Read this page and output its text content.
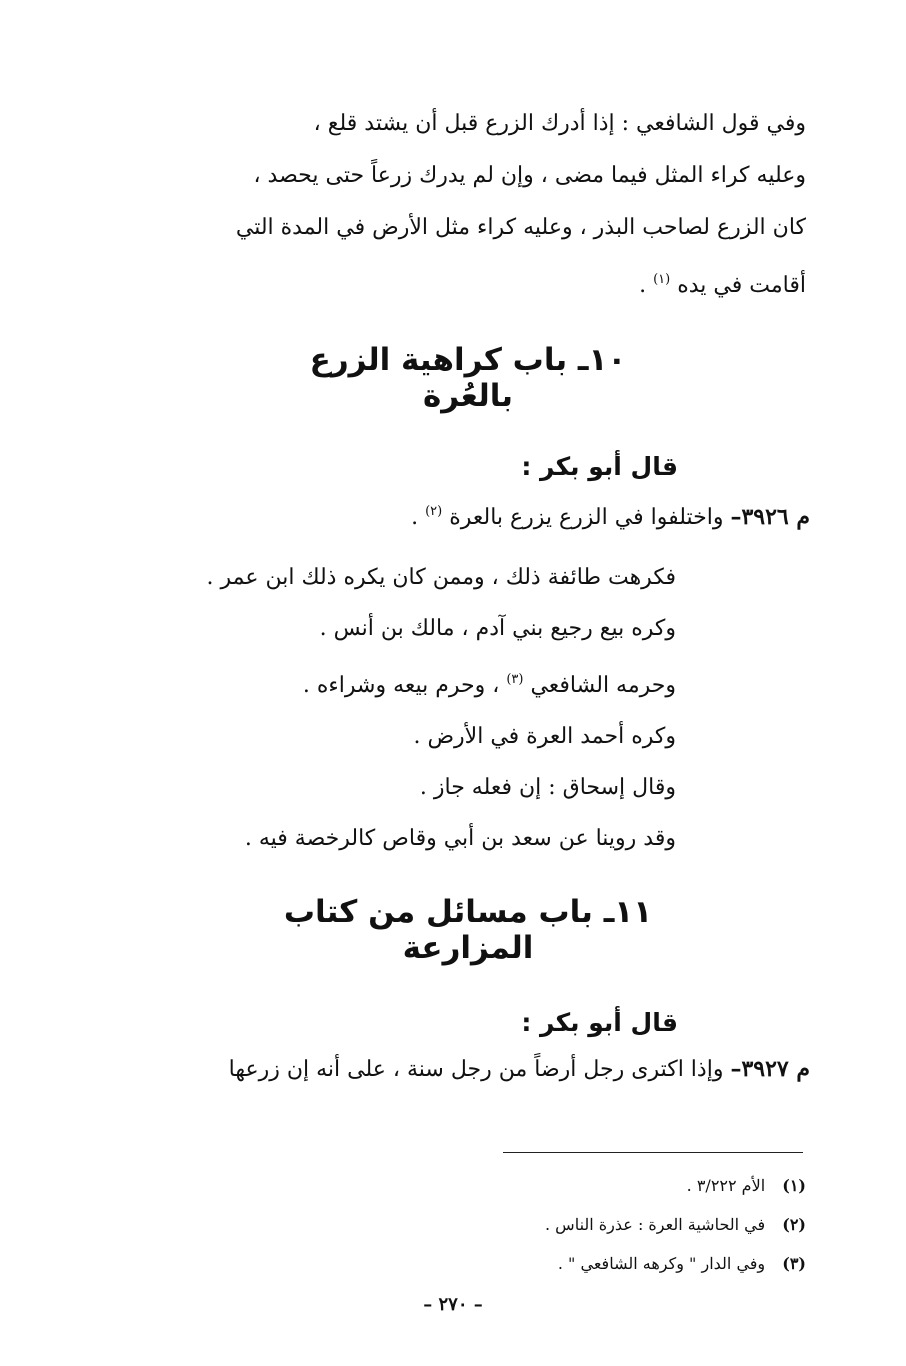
وفي قول الشافعي : إذا أدرك الزرع قبل أن يشتد قلع ،

وعليه كراء المثل فيما مضى ، وإن لم يدرك زرعاً حتى يحصد ،

كان الزرع لصاحب البذر ، وعليه كراء مثل الأرض في المدة التي

أقامت في يده $^{(١)}$ .

١٠ـ باب كراهية الزرع بالعُرة
قال أبو بكر :
م ٣٩٢٦– واختلفوا في الزرع يزرع بالعرة $^{(٢)}$ .
فكرهت طائفة ذلك ، وممن كان يكره ذلك ابن عمر .
وكره بيع رجيع بني آدم ، مالك بن أنس .
وحرمه الشافعي $^{(٣)}$ ، وحرم بيعه وشراءه .
وكره أحمد العرة في الأرض .
وقال إسحاق : إن فعله جاز .
وقد روينا عن سعد بن أبي وقاص كالرخصة فيه .
١١ـ باب مسائل من كتاب المزارعة
قال أبو بكر :
م ٣٩٢٧– وإذا اكترى رجل أرضاً من رجل سنة ، على أنه إن زرعها
(١) الأم ٣/٢٢٢ .
(٢) في الحاشية العرة : عذرة الناس .
(٣) وفي الدار " وكرهه الشافعي " .
– ٢٧٠ –
